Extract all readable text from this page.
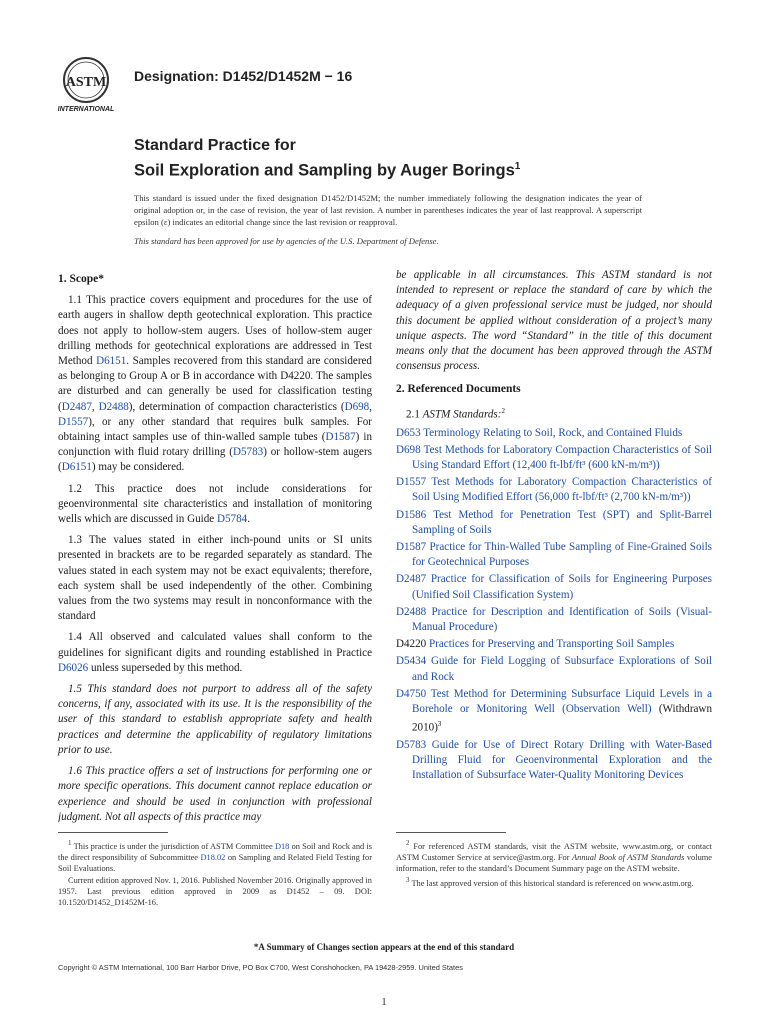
ASTM
INTERNATIONAL
Designation: D1452/D1452M − 16
Standard Practice for
Soil Exploration and Sampling by Auger Borings$^1$
This standard is issued under the fixed designation D1452/D1452M; the number immediately following the designation indicates the year of original adoption or, in the case of revision, the year of last revision. A number in parentheses indicates the year of last reapproval. A superscript epsilon (ε) indicates an editorial change since the last revision or reapproval.
This standard has been approved for use by agencies of the U.S. Department of Defense.
1. Scope*

1.1 This practice covers equipment and procedures for the use of earth augers in shallow depth geotechnical exploration. This practice does not apply to hollow-stem augers. Uses of hollow-stem auger drilling methods for geotechnical explorations are addressed in Test Method D6151. Samples recovered from this standard are considered as belonging to Group A or B in accordance with D4220. The samples are disturbed and can generally be used for classification testing (D2487, D2488), determination of compaction characteristics (D698, D1557), or any other standard that requires bulk samples. For obtaining intact samples use of thin-walled sample tubes (D1587) in conjunction with fluid rotary drilling (D5783) or hollow-stem augers (D6151) may be considered.

1.2 This practice does not include considerations for geoenvironmental site characteristics and installation of monitoring wells which are discussed in Guide D5784.

1.3 The values stated in either inch-pound units or SI units presented in brackets are to be regarded separately as standard. The values stated in each system may not be exact equivalents; therefore, each system shall be used independently of the other. Combining values from the two systems may result in nonconformance with the standard

1.4 All observed and calculated values shall conform to the guidelines for significant digits and rounding established in Practice D6026 unless superseded by this method.

1.5 This standard does not purport to address all of the safety concerns, if any, associated with its use. It is the responsibility of the user of this standard to establish appropriate safety and health practices and determine the applicability of regulatory limitations prior to use.

1.6 This practice offers a set of instructions for performing one or more specific operations. This document cannot replace education or experience and should be used in conjunction with professional judgment. Not all aspects of this practice may

be applicable in all circumstances. This ASTM standard is not intended to represent or replace the standard of care by which the adequacy of a given professional service must be judged, nor should this document be applied without consideration of a project’s many unique aspects. The word “Standard” in the title of this document means only that the document has been approved through the ASTM consensus process.

2. Referenced Documents
2.1 ASTM Standards:$^2$
D653 Terminology Relating to Soil, Rock, and Contained Fluids
D698 Test Methods for Laboratory Compaction Characteristics of Soil Using Standard Effort (12,400 ft-lbf/ft³ (600 kN-m/m³))
D1557 Test Methods for Laboratory Compaction Characteristics of Soil Using Modified Effort (56,000 ft-lbf/ft³ (2,700 kN-m/m³))
D1586 Test Method for Penetration Test (SPT) and Split-Barrel Sampling of Soils
D1587 Practice for Thin-Walled Tube Sampling of Fine-Grained Soils for Geotechnical Purposes
D2487 Practice for Classification of Soils for Engineering Purposes (Unified Soil Classification System)
D2488 Practice for Description and Identification of Soils (Visual-Manual Procedure)
D4220 Practices for Preserving and Transporting Soil Samples
D5434 Guide for Field Logging of Subsurface Explorations of Soil and Rock
D4750 Test Method for Determining Subsurface Liquid Levels in a Borehole or Monitoring Well (Observation Well) (Withdrawn 2010)$^3$
D5783 Guide for Use of Direct Rotary Drilling with Water-Based Drilling Fluid for Geoenvironmental Exploration and the Installation of Subsurface Water-Quality Monitoring Devices

$^1$ This practice is under the jurisdiction of ASTM Committee D18 on Soil and Rock and is the direct responsibility of Subcommittee D18.02 on Sampling and Related Field Testing for Soil Evaluations.

Current edition approved Nov. 1, 2016. Published November 2016. Originally approved in 1957. Last previous edition approved in 2009 as D1452 – 09. DOI: 10.1520/D1452_D1452M-16.

$^2$ For referenced ASTM standards, visit the ASTM website, www.astm.org, or contact ASTM Customer Service at service@astm.org. For Annual Book of ASTM Standards volume information, refer to the standard’s Document Summary page on the ASTM website.

$^3$ The last approved version of this historical standard is referenced on www.astm.org.

*A Summary of Changes section appears at the end of this standard
Copyright © ASTM International, 100 Barr Harbor Drive, PO Box C700, West Conshohocken, PA 19428-2959. United States
1
